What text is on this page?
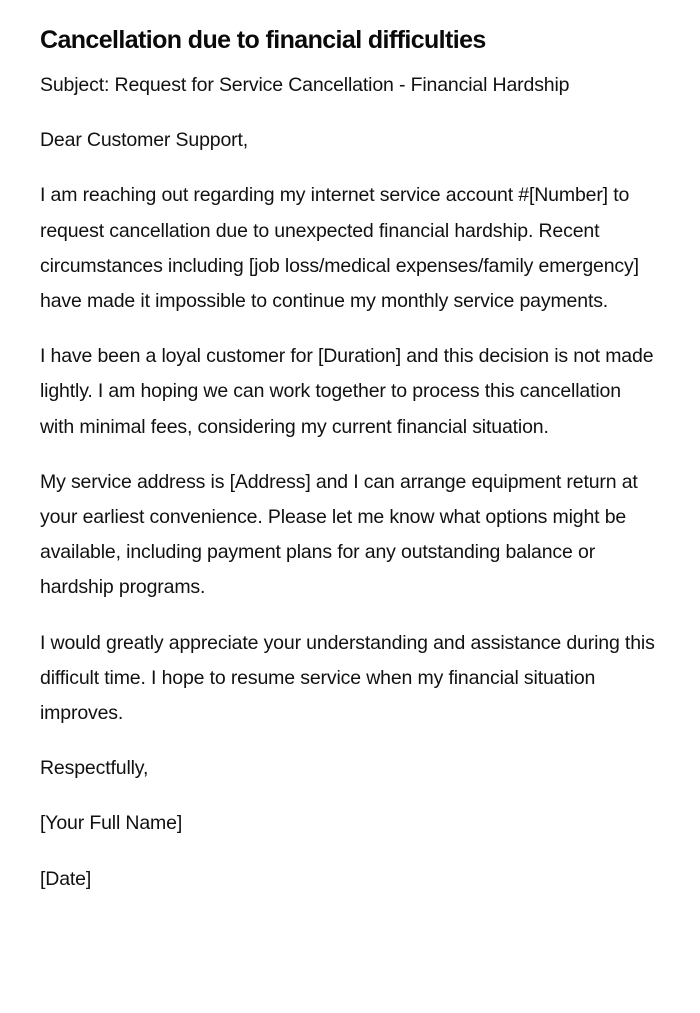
Cancellation due to financial difficulties

Subject: Request for Service Cancellation - Financial Hardship

Dear Customer Support,

I am reaching out regarding my internet service account #[Number] to request cancellation due to unexpected financial hardship. Recent circumstances including [job loss/medical expenses/family emergency] have made it impossible to continue my monthly service payments.

I have been a loyal customer for [Duration] and this decision is not made lightly. I am hoping we can work together to process this cancellation with minimal fees, considering my current financial situation.

My service address is [Address] and I can arrange equipment return at your earliest convenience. Please let me know what options might be available, including payment plans for any outstanding balance or hardship programs.

I would greatly appreciate your understanding and assistance during this difficult time. I hope to resume service when my financial situation improves.

Respectfully,

[Your Full Name]

[Date]
